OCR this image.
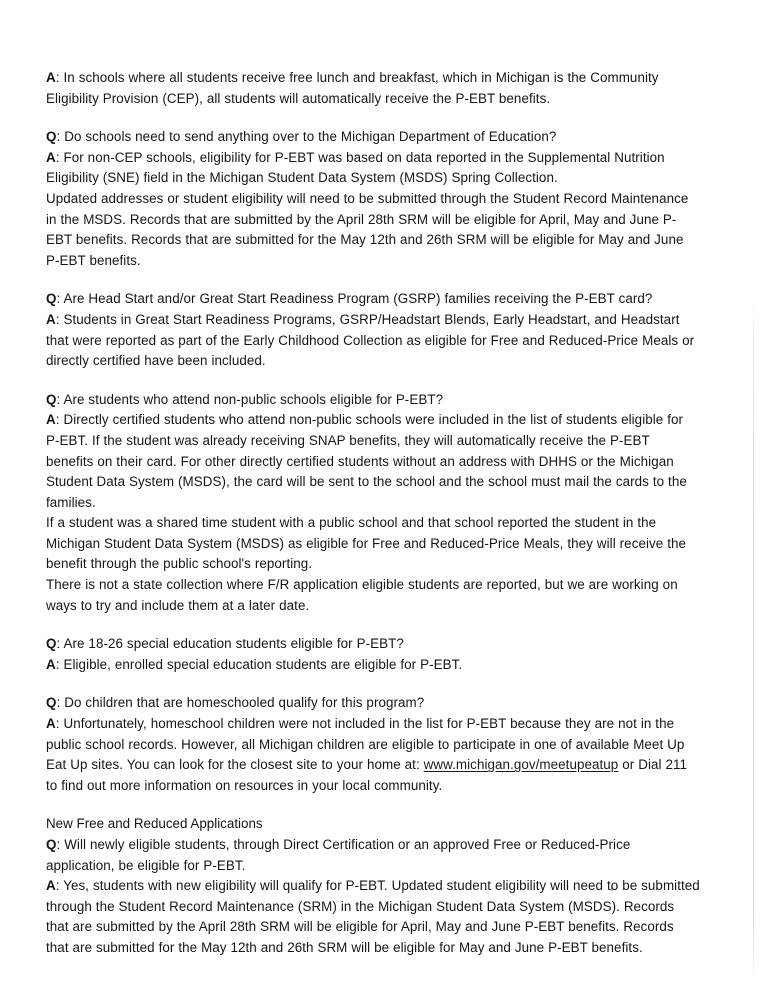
A: In schools where all students receive free lunch and breakfast, which in Michigan is the Community Eligibility Provision (CEP), all students will automatically receive the P-EBT benefits.

Q: Do schools need to send anything over to the Michigan Department of Education?

A: For non-CEP schools, eligibility for P-EBT was based on data reported in the Supplemental Nutrition Eligibility (SNE) field in the Michigan Student Data System (MSDS) Spring Collection.

Updated addresses or student eligibility will need to be submitted through the Student Record Maintenance in the MSDS. Records that are submitted by the April 28th SRM will be eligible for April, May and June P-EBT benefits. Records that are submitted for the May 12th and 26th SRM will be eligible for May and June P-EBT benefits.

Q: Are Head Start and/or Great Start Readiness Program (GSRP) families receiving the P-EBT card?

A: Students in Great Start Readiness Programs, GSRP/Headstart Blends, Early Headstart, and Headstart that were reported as part of the Early Childhood Collection as eligible for Free and Reduced-Price Meals or directly certified have been included.

Q: Are students who attend non-public schools eligible for P-EBT?

A: Directly certified students who attend non-public schools were included in the list of students eligible for P-EBT. If the student was already receiving SNAP benefits, they will automatically receive the P-EBT benefits on their card. For other directly certified students without an address with DHHS or the Michigan Student Data System (MSDS), the card will be sent to the school and the school must mail the cards to the families.

If a student was a shared time student with a public school and that school reported the student in the Michigan Student Data System (MSDS) as eligible for Free and Reduced-Price Meals, they will receive the benefit through the public school's reporting.

There is not a state collection where F/R application eligible students are reported, but we are working on ways to try and include them at a later date.

Q: Are 18-26 special education students eligible for P-EBT?

A: Eligible, enrolled special education students are eligible for P-EBT.

Q: Do children that are homeschooled qualify for this program?

A: Unfortunately, homeschool children were not included in the list for P-EBT because they are not in the public school records. However, all Michigan children are eligible to participate in one of available Meet Up Eat Up sites. You can look for the closest site to your home at: www.michigan.gov/meetupeatup or Dial 211 to find out more information on resources in your local community.

New Free and Reduced Applications

Q: Will newly eligible students, through Direct Certification or an approved Free or Reduced-Price application, be eligible for P-EBT.

A: Yes, students with new eligibility will qualify for P-EBT. Updated student eligibility will need to be submitted through the Student Record Maintenance (SRM) in the Michigan Student Data System (MSDS). Records that are submitted by the April 28th SRM will be eligible for April, May and June P-EBT benefits. Records that are submitted for the May 12th and 26th SRM will be eligible for May and June P-EBT benefits.
